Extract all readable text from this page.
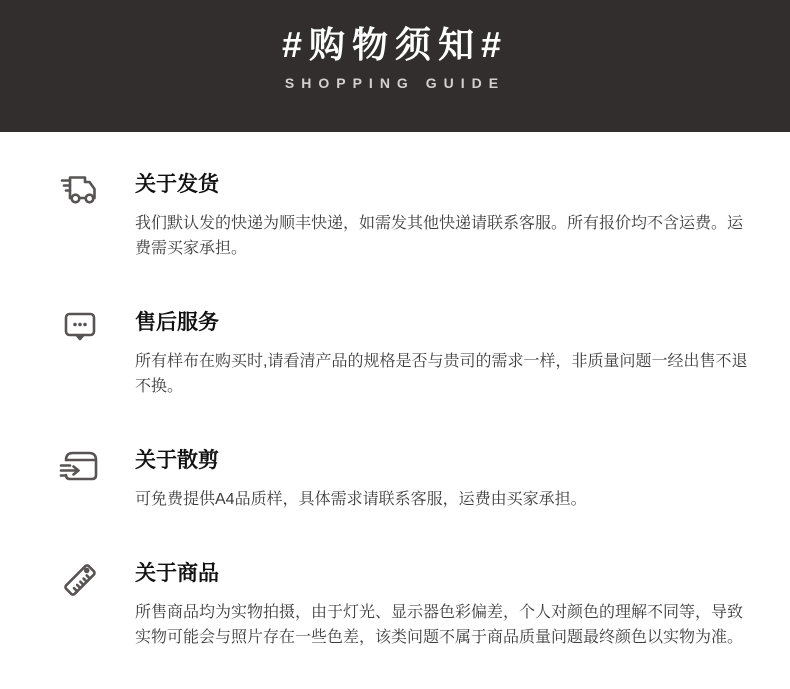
#购物须知#
SHOPPING GUIDE
关于发货
我们默认发的快递为顺丰快递，如需发其他快递请联系客服。所有报价均不含运费。运费需买家承担。
售后服务
所有样布在购买时,请看清产品的规格是否与贵司的需求一样，非质量问题一经出售不退不换。
关于散剪
可免费提供A4品质样，具体需求请联系客服，运费由买家承担。
关于商品
所售商品均为实物拍摄，由于灯光、显示器色彩偏差，个人对颜色的理解不同等，导致实物可能会与照片存在一些色差，该类问题不属于商品质量问题最终颜色以实物为准。
